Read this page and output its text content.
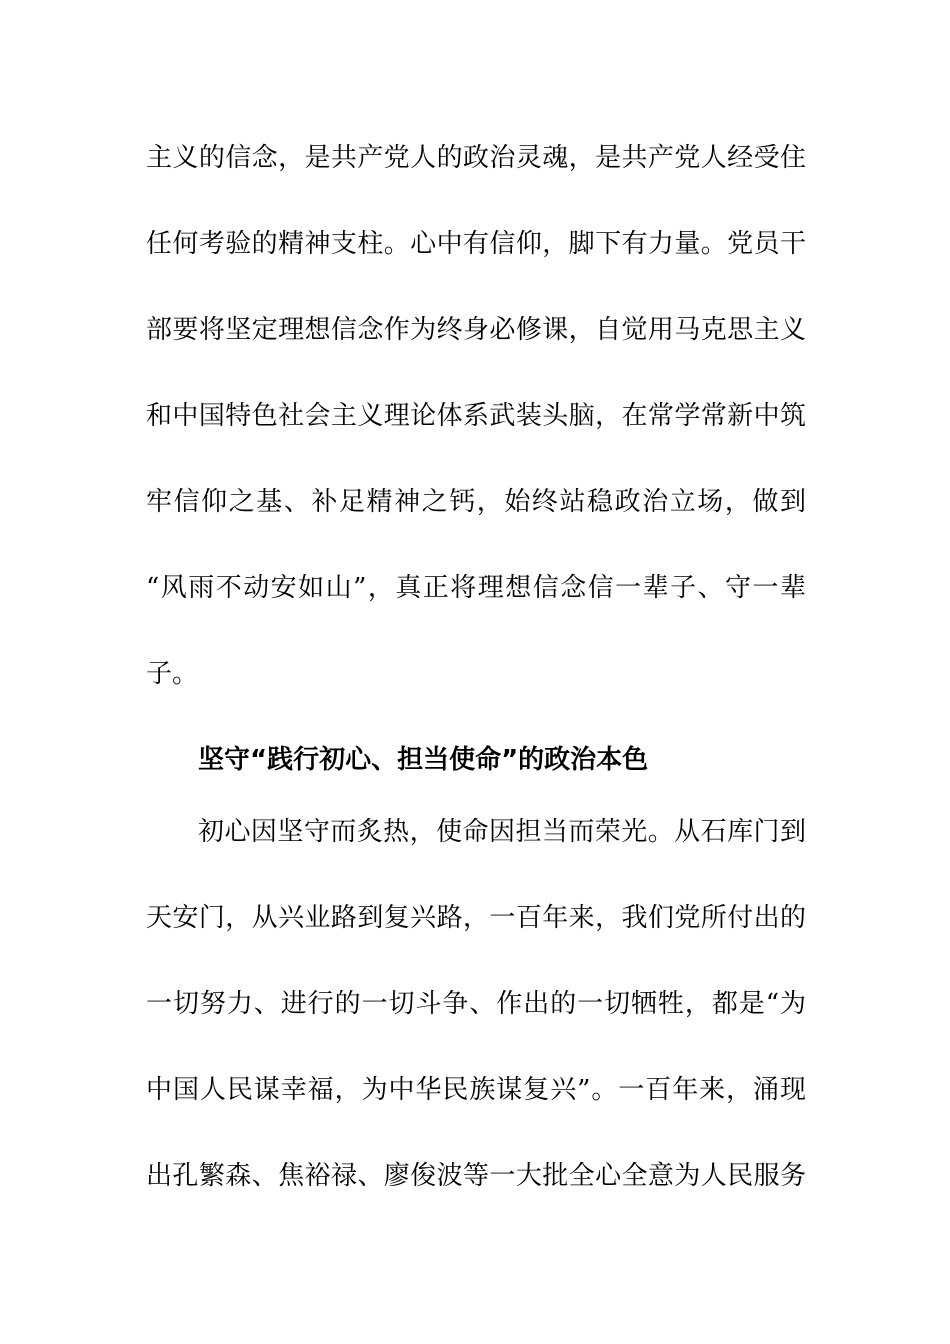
主义的信念，是共产党人的政治灵魂，是共产党人经受住
任何考验的精神支柱。心中有信仰，脚下有力量。党员干
部要将坚定理想信念作为终身必修课，自觉用马克思主义
和中国特色社会主义理论体系武装头脑，在常学常新中筑
牢信仰之基、补足精神之钙，始终站稳政治立场，做到
“风雨不动安如山”，真正将理想信念信一辈子、守一辈
子。
坚守“践行初心、担当使命”的政治本色
初心因坚守而炙热，使命因担当而荣光。从石库门到
天安门，从兴业路到复兴路，一百年来，我们党所付出的
一切努力、进行的一切斗争、作出的一切牺牲，都是“为
中国人民谋幸福，为中华民族谋复兴”。一百年来，涌现
出孔繁森、焦裕禄、廖俊波等一大批全心全意为人民服务
